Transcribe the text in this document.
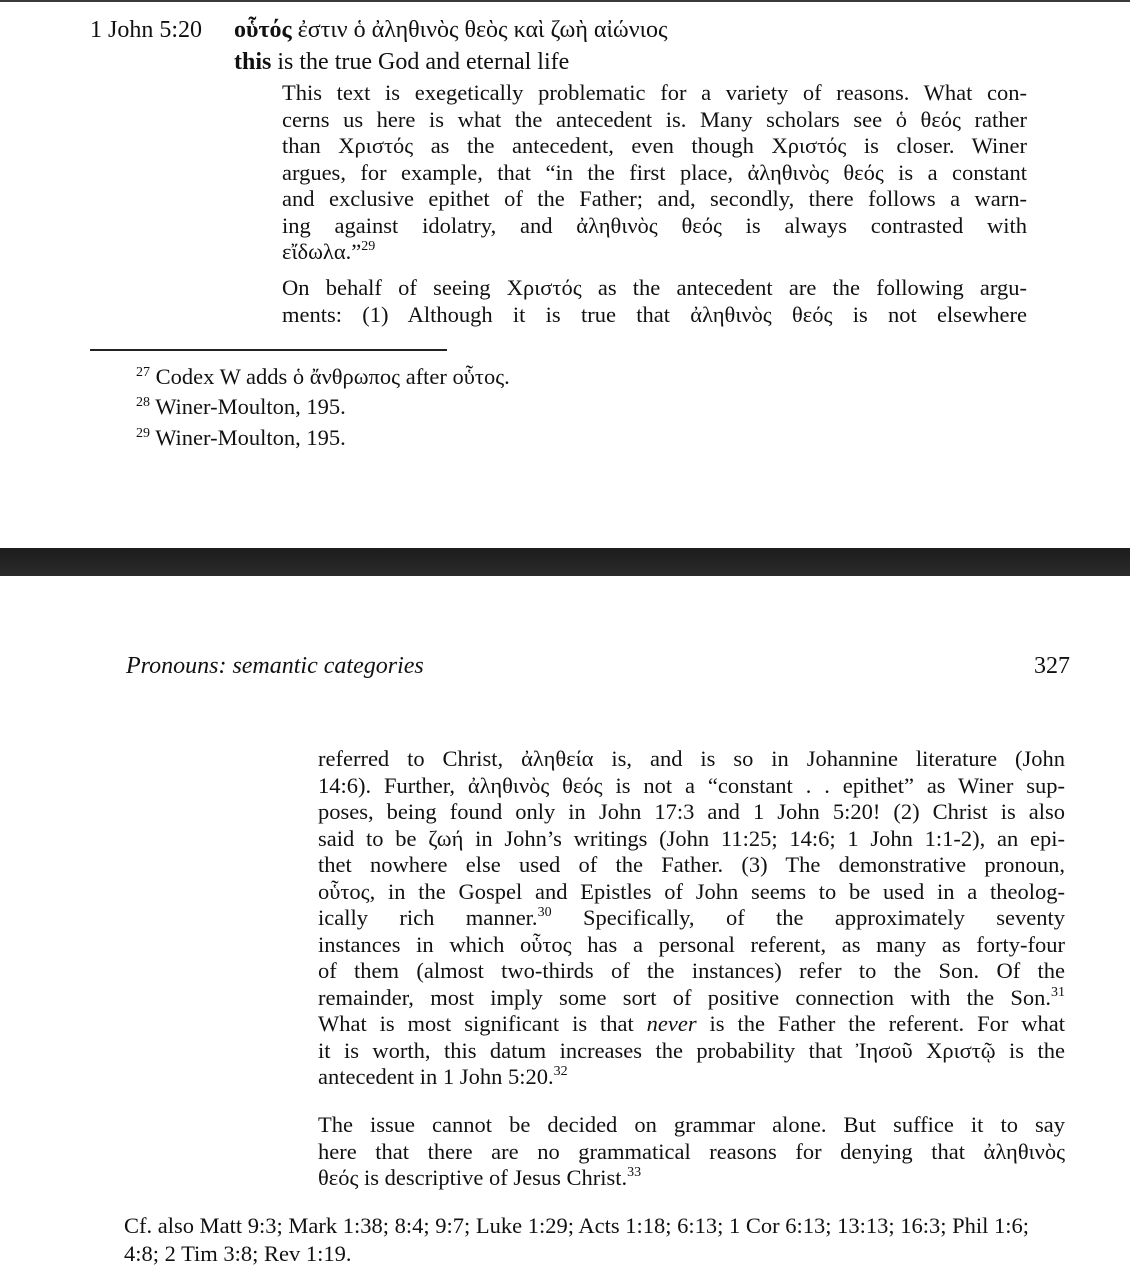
1 John 5:20 οὗτός ἐστιν ὁ ἀληθινὸς θεὸς καὶ ζωὴ αἰώνιος
this is the true God and eternal life
This text is exegetically problematic for a variety of reasons. What con-
cerns us here is what the antecedent is. Many scholars see ὁ θεός rather
than Χριστός as the antecedent, even though Χριστός is closer. Winer
argues, for example, that “in the first place, ἀληθινὸς θεός is a constant
and exclusive epithet of the Father; and, secondly, there follows a warn-
ing against idolatry, and ἀληθινὸς θεός is always contrasted with
εἴδωλα.”$^{29}$
On behalf of seeing Χριστός as the antecedent are the following argu-
ments: (1) Although it is true that ἀληθινὸς θεός is not elsewhere
$^{27}$ Codex W adds ὁ ἄνθρωπος after οὗτος.
$^{28}$ Winer-Moulton, 195.
$^{29}$ Winer-Moulton, 195.
Pronouns: semantic categories	327
referred to Christ, ἀληθεία is, and is so in Johannine literature (John
14:6). Further, ἀληθινὸς θεός is not a “constant . . epithet” as Winer sup-
poses, being found only in John 17:3 and 1 John 5:20! (2) Christ is also
said to be ζωή in John’s writings (John 11:25; 14:6; 1 John 1:1-2), an epi-
thet nowhere else used of the Father. (3) The demonstrative pronoun,
οὗτος, in the Gospel and Epistles of John seems to be used in a theolog-
ically rich manner.$^{30}$ Specifically, of the approximately seventy
instances in which οὗτος has a personal referent, as many as forty-four
of them (almost two-thirds of the instances) refer to the Son. Of the
remainder, most imply some sort of positive connection with the Son.$^{31}$
What is most significant is that never is the Father the referent. For what
it is worth, this datum increases the probability that Ἰησοῦ Χριστῷ is the
antecedent in 1 John 5:20.32
The issue cannot be decided on grammar alone. But suffice it to say
here that there are no grammatical reasons for denying that ἀληθινὸς
θεός is descriptive of Jesus Christ.$^{33}$
Cf. also Matt 9:3; Mark 1:38; 8:4; 9:7; Luke 1:29; Acts 1:18; 6:13; 1 Cor 6:13; 13:13; 16:3; Phil 1:6; 4:8; 2 Tim 3:8; Rev 1:19.
